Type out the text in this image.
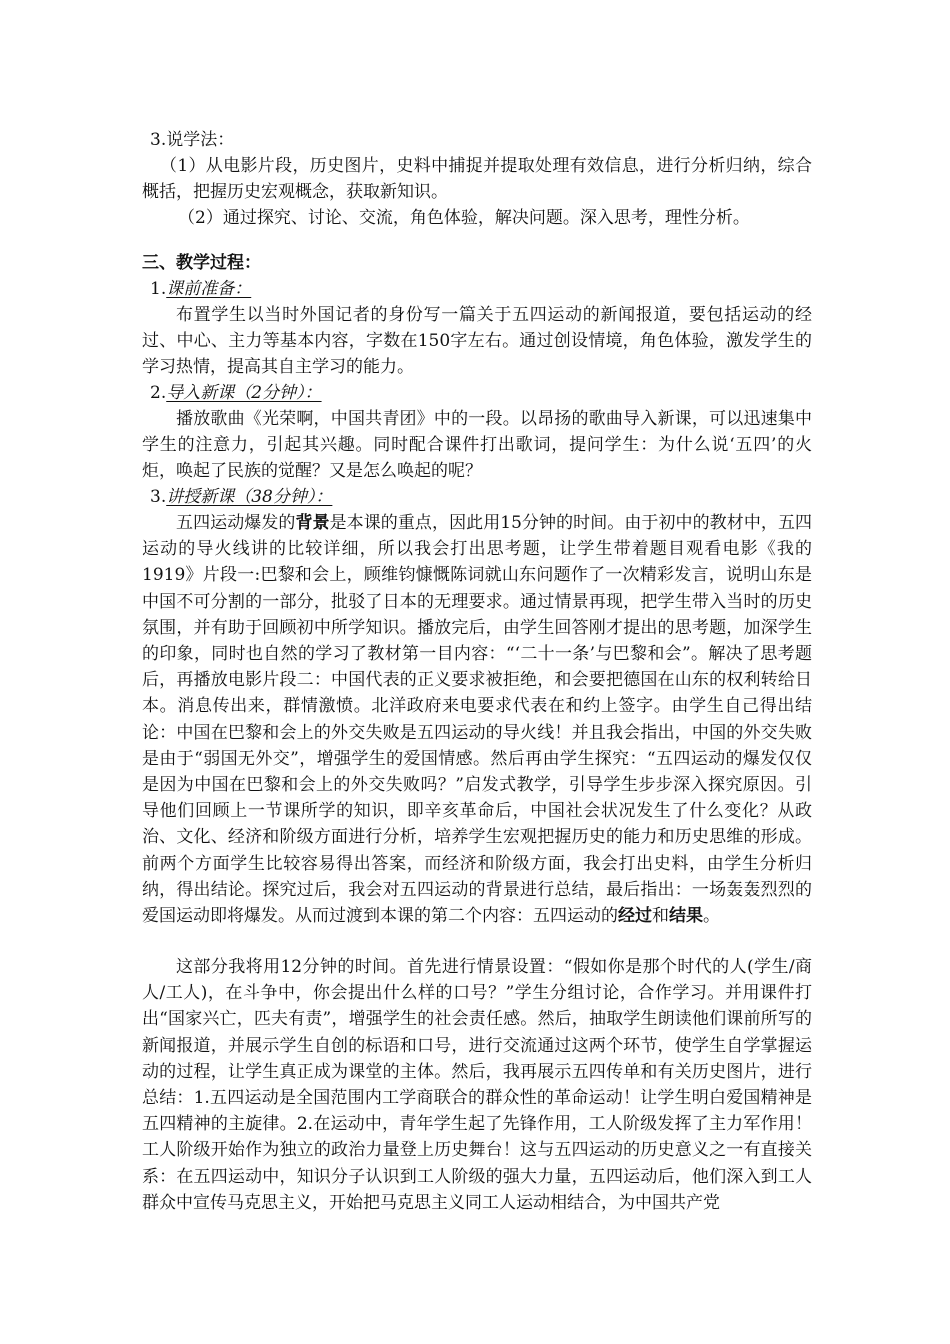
3.说学法：

（1）从电影片段，历史图片，史料中捕捉并提取处理有效信息，进行分析归纳，综合概括，把握历史宏观概念，获取新知识。

（2）通过探究、讨论、交流，角色体验，解决问题。深入思考，理性分析。

三、教学过程：

1.课前准备：

布置学生以当时外国记者的身份写一篇关于五四运动的新闻报道，要包括运动的经过、中心、主力等基本内容，字数在150字左右。通过创设情境，角色体验，激发学生的学习热情，提高其自主学习的能力。

2.导入新课（2分钟）：

播放歌曲《光荣啊，中国共青团》中的一段。以昂扬的歌曲导入新课，可以迅速集中学生的注意力，引起其兴趣。同时配合课件打出歌词，提问学生：为什么说‘五四’的火炬，唤起了民族的觉醒？又是怎么唤起的呢？

3.讲授新课（38分钟）：

五四运动爆发的背景是本课的重点，因此用15分钟的时间。由于初中的教材中，五四运动的导火线讲的比较详细，所以我会打出思考题，让学生带着题目观看电影《我的1919》片段一:巴黎和会上，顾维钧慷慨陈词就山东问题作了一次精彩发言，说明山东是中国不可分割的一部分，批驳了日本的无理要求。通过情景再现，把学生带入当时的历史氛围，并有助于回顾初中所学知识。播放完后，由学生回答刚才提出的思考题，加深学生的印象，同时也自然的学习了教材第一目内容：“‘二十一条’与巴黎和会”。解决了思考题后，再播放电影片段二：中国代表的正义要求被拒绝，和会要把德国在山东的权利转给日本。消息传出来，群情激愤。北洋政府来电要求代表在和约上签字。由学生自己得出结论：中国在巴黎和会上的外交失败是五四运动的导火线！并且我会指出，中国的外交失败是由于“弱国无外交”，增强学生的爱国情感。然后再由学生探究：“五四运动的爆发仅仅是因为中国在巴黎和会上的外交失败吗？”启发式教学，引导学生步步深入探究原因。引导他们回顾上一节课所学的知识，即辛亥革命后，中国社会状况发生了什么变化？从政治、文化、经济和阶级方面进行分析，培养学生宏观把握历史的能力和历史思维的形成。前两个方面学生比较容易得出答案，而经济和阶级方面，我会打出史料，由学生分析归纳，得出结论。探究过后，我会对五四运动的背景进行总结，最后指出：一场轰轰烈烈的爱国运动即将爆发。从而过渡到本课的第二个内容：五四运动的经过和结果。

这部分我将用12分钟的时间。首先进行情景设置：“假如你是那个时代的人(学生/商人/工人)，在斗争中，你会提出什么样的口号？”学生分组讨论，合作学习。并用课件打出“国家兴亡，匹夫有责”，增强学生的社会责任感。然后，抽取学生朗读他们课前所写的新闻报道，并展示学生自创的标语和口号，进行交流通过这两个环节，使学生自学掌握运动的过程，让学生真正成为课堂的主体。然后，我再展示五四传单和有关历史图片，进行总结：1.五四运动是全国范围内工学商联合的群众性的革命运动！让学生明白爱国精神是五四精神的主旋律。2.在运动中，青年学生起了先锋作用，工人阶级发挥了主力军作用！工人阶级开始作为独立的政治力量登上历史舞台！这与五四运动的历史意义之一有直接关系：在五四运动中，知识分子认识到工人阶级的强大力量，五四运动后，他们深入到工人群众中宣传马克思主义，开始把马克思主义同工人运动相结合，为中国共产党
